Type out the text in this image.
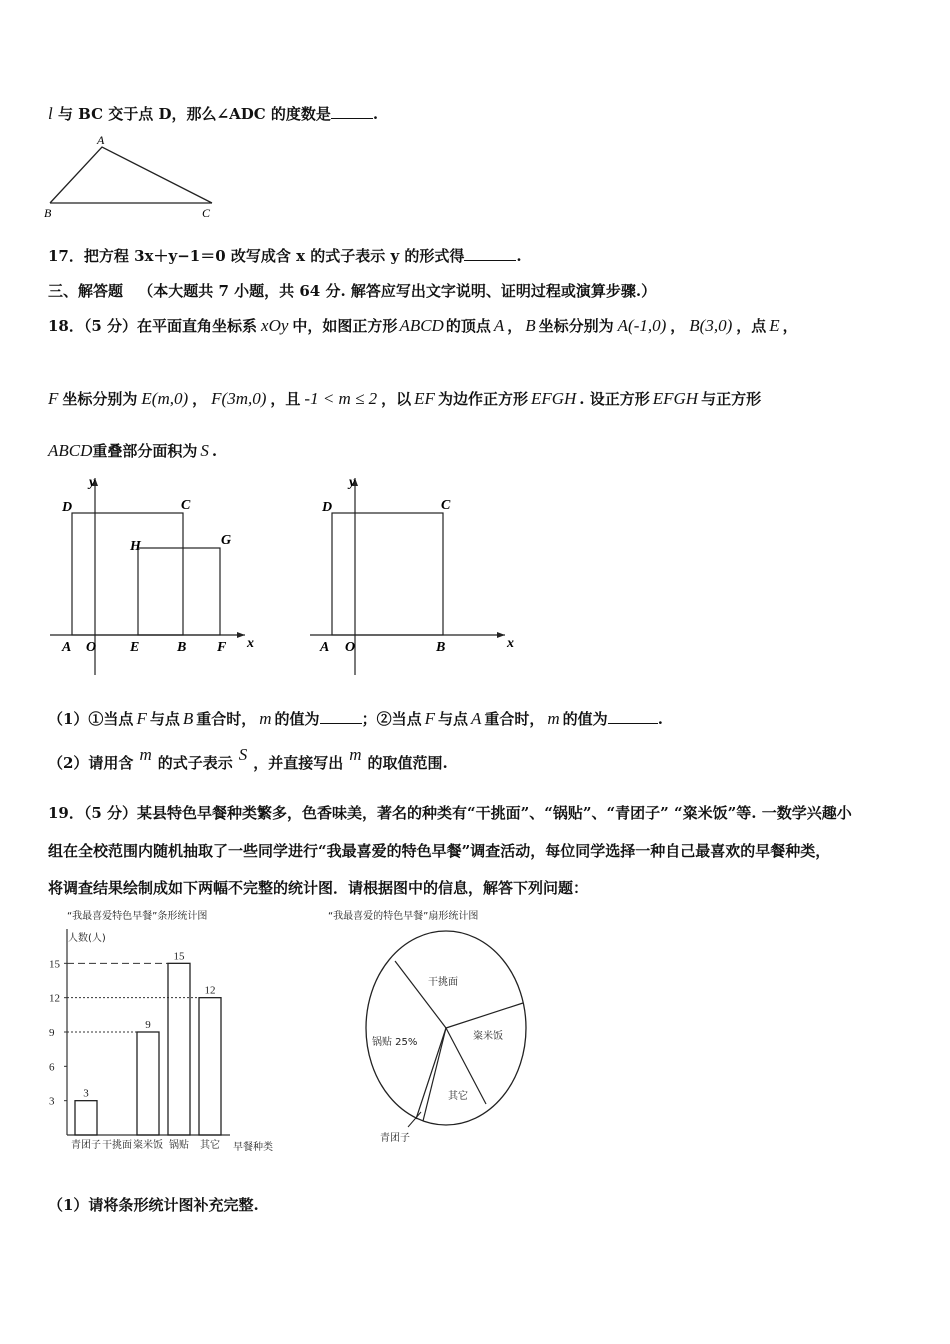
l 与 BC 交于点 D，那么∠ADC 的度数是	.
A
B	C
17．把方程 3x＋y−1＝0 改写成含 x 的式子表示 y 的形式得	.
三、解答题 （本大题共 7 小题，共 64 分. 解答应写出文字说明、证明过程或演算步骤.）
18．（5 分）在平面直角坐标系 xOy 中，如图正方形 ABCD 的顶点 A ， B 坐标分别为 A(-1,0) ， B(3,0) ，点 E ，
F 坐标分别为 E(m,0) ， F(3m,0) ，且 -1 < m ≤ 2 ，以 EF 为边作正方形 EFGH . 设正方形 EFGH 与正方形
ABCD重叠部分面积为 S .
y
x
D	C
H	G
A O E	B F
y
x
D	C
A O	B
（1）①当点 F 与点 B 重合时， m 的值为	；②当点 F 与点 A 重合时， m 的值为	.
（2）请用含 m 的式子表示 S ，并直接写出 m 的取值范围.
19．（5 分）某县特色早餐种类繁多，色香味美，著名的种类有“干挑面”、“锅贴”、“青团子” “粢米饭”等. 一数学兴趣小
组在全校范围内随机抽取了一些同学进行“我最喜爱的特色早餐”调查活动，每位同学选择一种自己最喜欢的早餐种类，
将调查结果绘制成如下两幅不完整的统计图．请根据图中的信息，解答下列问题：
“我最喜爱特色早餐”条形统计图
人数(人)
早餐种类
3
6
9
12
15
3
9
15
12
青团子 干挑面 粢米饭 锅贴 其它
“我最喜爱的特色早餐”扇形统计图
干挑面
粢米饭
其它
青团子
锅贴 25%
（1）请将条形统计图补充完整.
